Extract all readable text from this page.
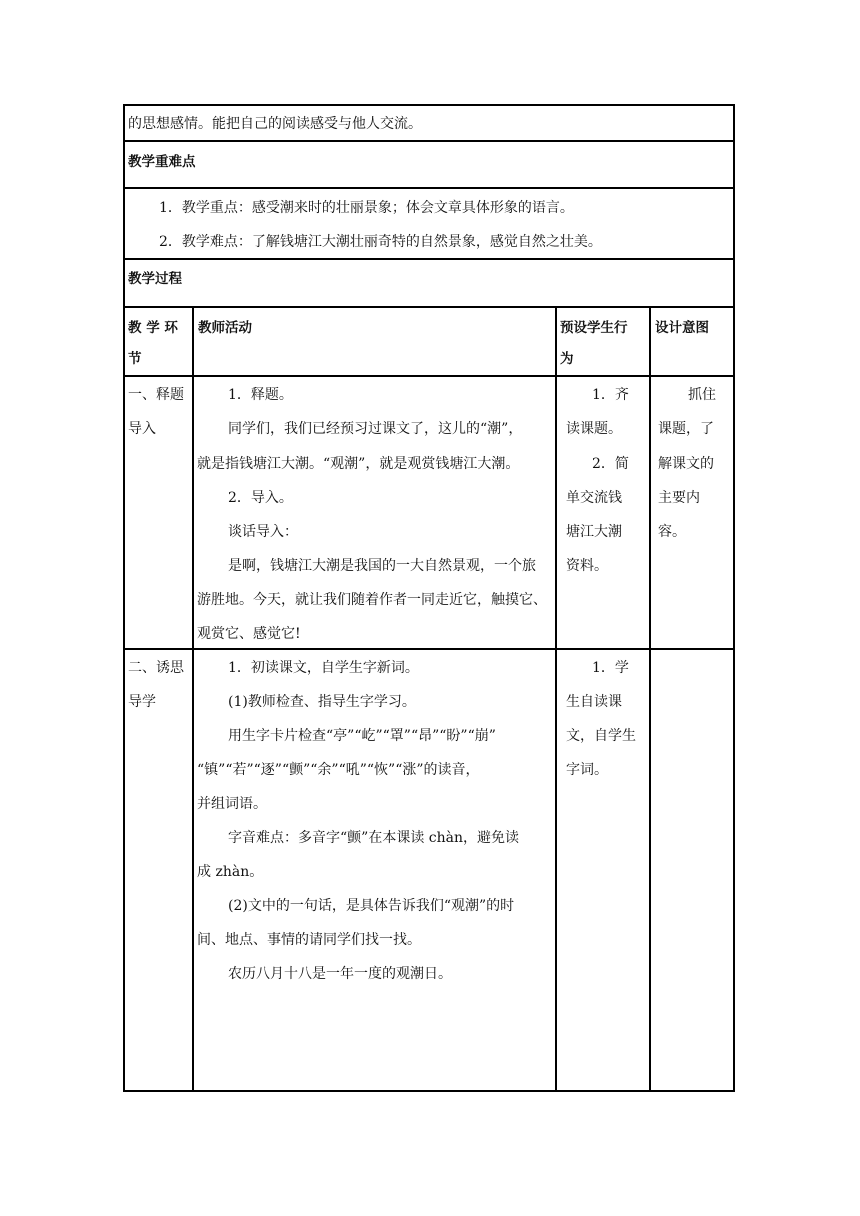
的思想感情。能把自己的阅读感受与他人交流。
教学重难点
1．教学重点：感受潮来时的壮丽景象；体会文章具体形象的语言。
2．教学难点：了解钱塘江大潮壮丽奇特的自然景象，感觉自然之壮美。
教学过程
教 学 环
节
教师活动	预设学生行
为
设计意图
一、释题
导入
1．释题。
同学们，我们已经预习过课文了，这儿的“潮”，
就是指钱塘江大潮。“观潮”，就是观赏钱塘江大潮。
2．导入。
谈话导入：
是啊，钱塘江大潮是我国的一大自然景观，一个旅
游胜地。今天，就让我们随着作者一同走近它，触摸它、
观赏它、感觉它!
1．齐
读课题。
2．简
单交流钱
塘江大潮
资料。
抓住
课题，了
解课文的
主要内
容。
二、诱思
导学
1．初读课文，自学生字新词。
(1)教师检查、指导生字学习。
用生字卡片检查“亭”“屹”“罩”“昂”“盼”“崩”
“镇”“若”“逐”“颤”“余”“吼”“恢”“涨”的读音，
并组词语。
字音难点：多音字“颤”在本课读 chàn，避免读
成 zhàn。
(2)文中的一句话，是具体告诉我们“观潮”的时
间、地点、事情的请同学们找一找。
农历八月十八是一年一度的观潮日。
1．学
生自读课
文，自学生
字词。
